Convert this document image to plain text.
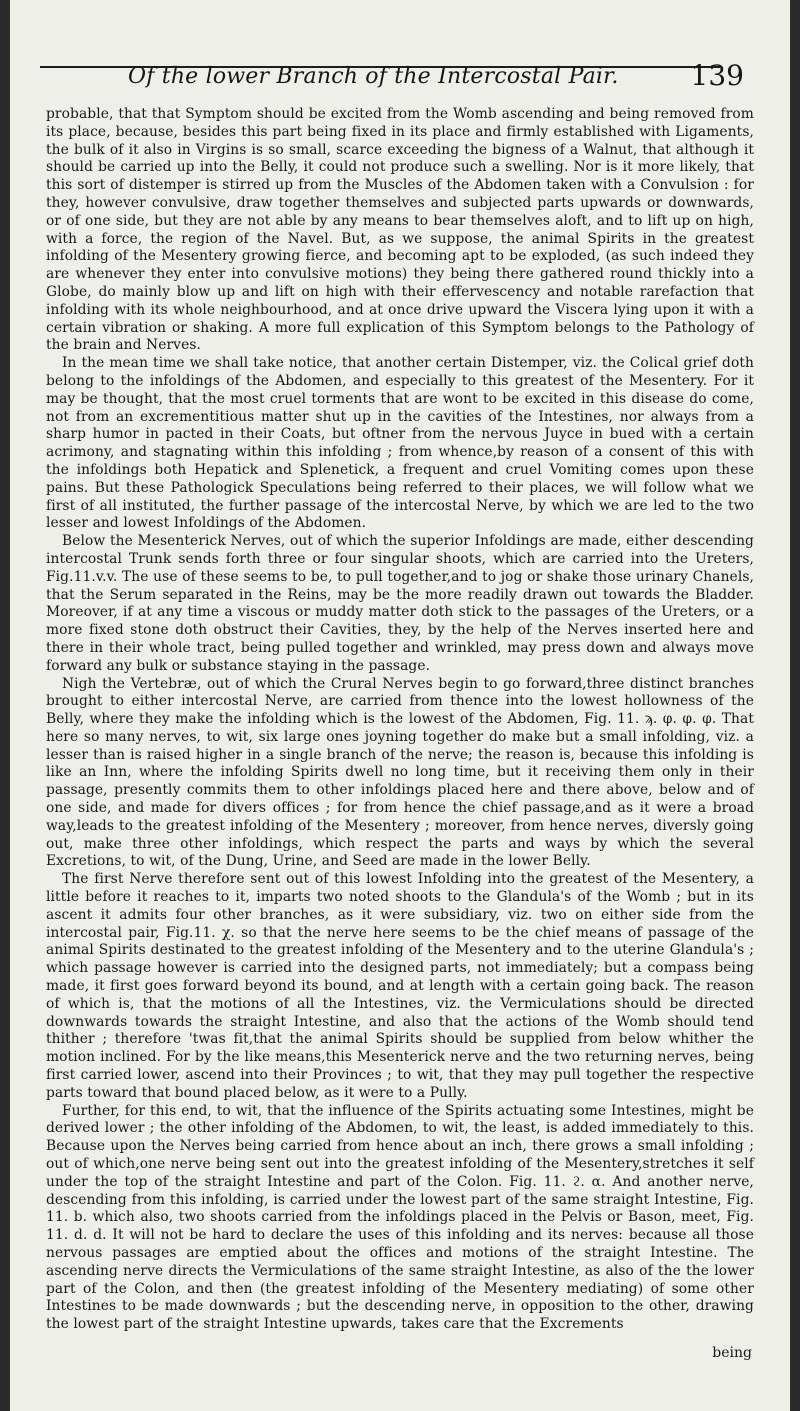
Of the lower Branch of the Intercostal Pair.	139

probable, that that Symptom should be excited from the Womb ascending and being removed from its place, because, besides this part being fixed in its place and firmly established with Ligaments, the bulk of it also in Virgins is so small, scarce exceeding the bigness of a Walnut, that although it should be carried up into the Belly, it could not produce such a swelling. Nor is it more likely, that this sort of distemper is stirred up from the Muscles of the Abdomen taken with a Convulsion : for they, however convulsive, draw together themselves and subjected parts upwards or downwards, or of one side, but they are not able by any means to bear themselves aloft, and to lift up on high, with a force, the region of the Navel. But, as we suppose, the animal Spirits in the greatest infolding of the Mesentery growing fierce, and becoming apt to be exploded, (as such indeed they are whenever they enter into convulsive motions) they being there gathered round thickly into a Globe, do mainly blow up and lift on high with their effervescency and notable rarefaction that infolding with its whole neighbourhood, and at once drive upward the Viscera lying upon it with a certain vibration or shaking. A more full explication of this Symptom belongs to the Pathology of the brain and Nerves.

In the mean time we shall take notice, that another certain Distemper, viz. the Colical grief doth belong to the infoldings of the Abdomen, and especially to this greatest of the Mesentery. For it may be thought, that the most cruel torments that are wont to be excited in this disease do come, not from an excrementitious matter shut up in the cavities of the Intestines, nor always from a sharp humor in pacted in their Coats, but oftner from the nervous Juyce in bued with a certain acrimony, and stagnating within this infolding ; from whence,by reason of a consent of this with the infoldings both Hepatick and Splenetick, a frequent and cruel Vomiting comes upon these pains. But these Pathologick Speculations being referred to their places, we will follow what we first of all instituted, the further passage of the intercostal Nerve, by which we are led to the two lesser and lowest Infoldings of the Abdomen.

Below the Mesenterick Nerves, out of which the superior Infoldings are made, either descending intercostal Trunk sends forth three or four singular shoots, which are carried into the Ureters, Fig.11.v.v. The use of these seems to be, to pull together,and to jog or shake those urinary Chanels, that the Serum separated in the Reins, may be the more readily drawn out towards the Bladder. Moreover, if at any time a viscous or muddy matter doth stick to the passages of the Ureters, or a more fixed stone doth obstruct their Cavities, they, by the help of the Nerves inserted here and there in their whole tract, being pulled together and wrinkled, may press down and always move forward any bulk or substance staying in the passage.

Nigh the Vertebræ, out of which the Crural Nerves begin to go forward,three distinct branches brought to either intercostal Nerve, are carried from thence into the lowest hollowness of the Belly, where they make the infolding which is the lowest of the Abdomen, Fig. 11. ϡ. φ. φ. φ. That here so many nerves, to wit, six large ones joyning together do make but a small infolding, viz. a lesser than is raised higher in a single branch of the nerve; the reason is, because this infolding is like an Inn, where the infolding Spirits dwell no long time, but it receiving them only in their passage, presently commits them to other infoldings placed here and there above, below and of one side, and made for divers offices ; for from hence the chief passage,and as it were a broad way,leads to the greatest infolding of the Mesentery ; moreover, from hence nerves, diversly going out, make three other infoldings, which respect the parts and ways by which the several Excretions, to wit, of the Dung, Urine, and Seed are made in the lower Belly.

The first Nerve therefore sent out of this lowest Infolding into the greatest of the Mesentery, a little before it reaches to it, imparts two noted shoots to the Glandula's of the Womb ; but in its ascent it admits four other branches, as it were subsidiary, viz. two on either side from the intercostal pair, Fig.11. χ. so that the nerve here seems to be the chief means of passage of the animal Spirits destinated to the greatest infolding of the Mesentery and to the uterine Glandula's ; which passage however is carried into the designed parts, not immediately; but a compass being made, it first goes forward beyond its bound, and at length with a certain going back. The reason of which is, that the motions of all the Intestines, viz. the Vermiculations should be directed downwards towards the straight Intestine, and also that the actions of the Womb should tend thither ; therefore 'twas fit,that the animal Spirits should be supplied from below whither the motion inclined. For by the like means,this Mesenterick nerve and the two returning nerves, being first carried lower, ascend into their Provinces ; to wit, that they may pull together the respective parts toward that bound placed below, as it were to a Pully.

Further, for this end, to wit, that the influence of the Spirits actuating some Intestines, might be derived lower ; the other infolding of the Abdomen, to wit, the least, is added immediately to this. Because upon the Nerves being carried from hence about an inch, there grows a small infolding ; out of which,one nerve being sent out into the greatest infolding of the Mesentery,stretches it self under the top of the straight Intestine and part of the Colon. Fig. 11. ϩ. α. And another nerve, descending from this infolding, is carried under the lowest part of the same straight Intestine, Fig. 11. b. which also, two shoots carried from the infoldings placed in the Pelvis or Bason, meet, Fig. 11. d. d. It will not be hard to declare the uses of this infolding and its nerves: because all those nervous passages are emptied about the offices and motions of the straight Intestine. The ascending nerve directs the Vermiculations of the same straight Intestine, as also of the the lower part of the Colon, and then (the greatest infolding of the Mesentery mediating) of some other Intestines to be made downwards ; but the descending nerve, in opposition to the other, drawing the lowest part of the straight Intestine upwards, takes care that the Excrements

being
